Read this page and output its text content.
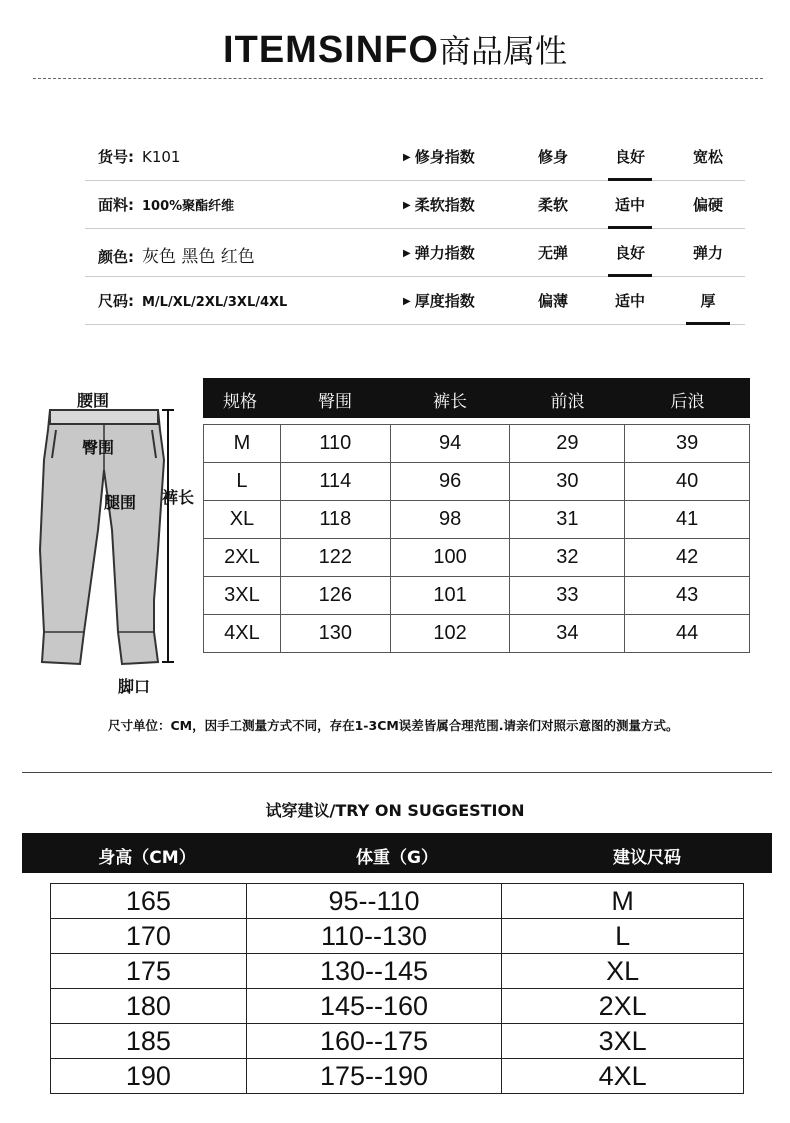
ITEMSINFO商品属性
货号: K101	▶ 修身指数	修身	良好	宽松
面料: 100%聚酯纤维	▶ 柔软指数	柔软	适中	偏硬
颜色: 灰色 黑色 红色	▶ 弹力指数	无弹	良好	弹力
尺码: M/L/XL/2XL/3XL/4XL	▶ 厚度指数	偏薄	适中	厚
腰围
臀围
腿围 裤长
脚口
规格	臀围	裤长	前浪	后浪
M	110	94	29	39
L	114	96	30	40
XL	118	98	31	41
2XL	122	100	32	42
3XL	126	101	33	43
4XL	130	102	34	44
尺寸单位：CM，因手工测量方式不同，存在1-3CM误差皆属合理范围.请亲们对照示意图的测量方式。
试穿建议/TRY ON SUGGESTION
身高（CM）	体重（G）	建议尺码
165	95--110	M
170	110--130	L
175	130--145	XL
180	145--160	2XL
185	160--175	3XL
190	175--190	4XL
